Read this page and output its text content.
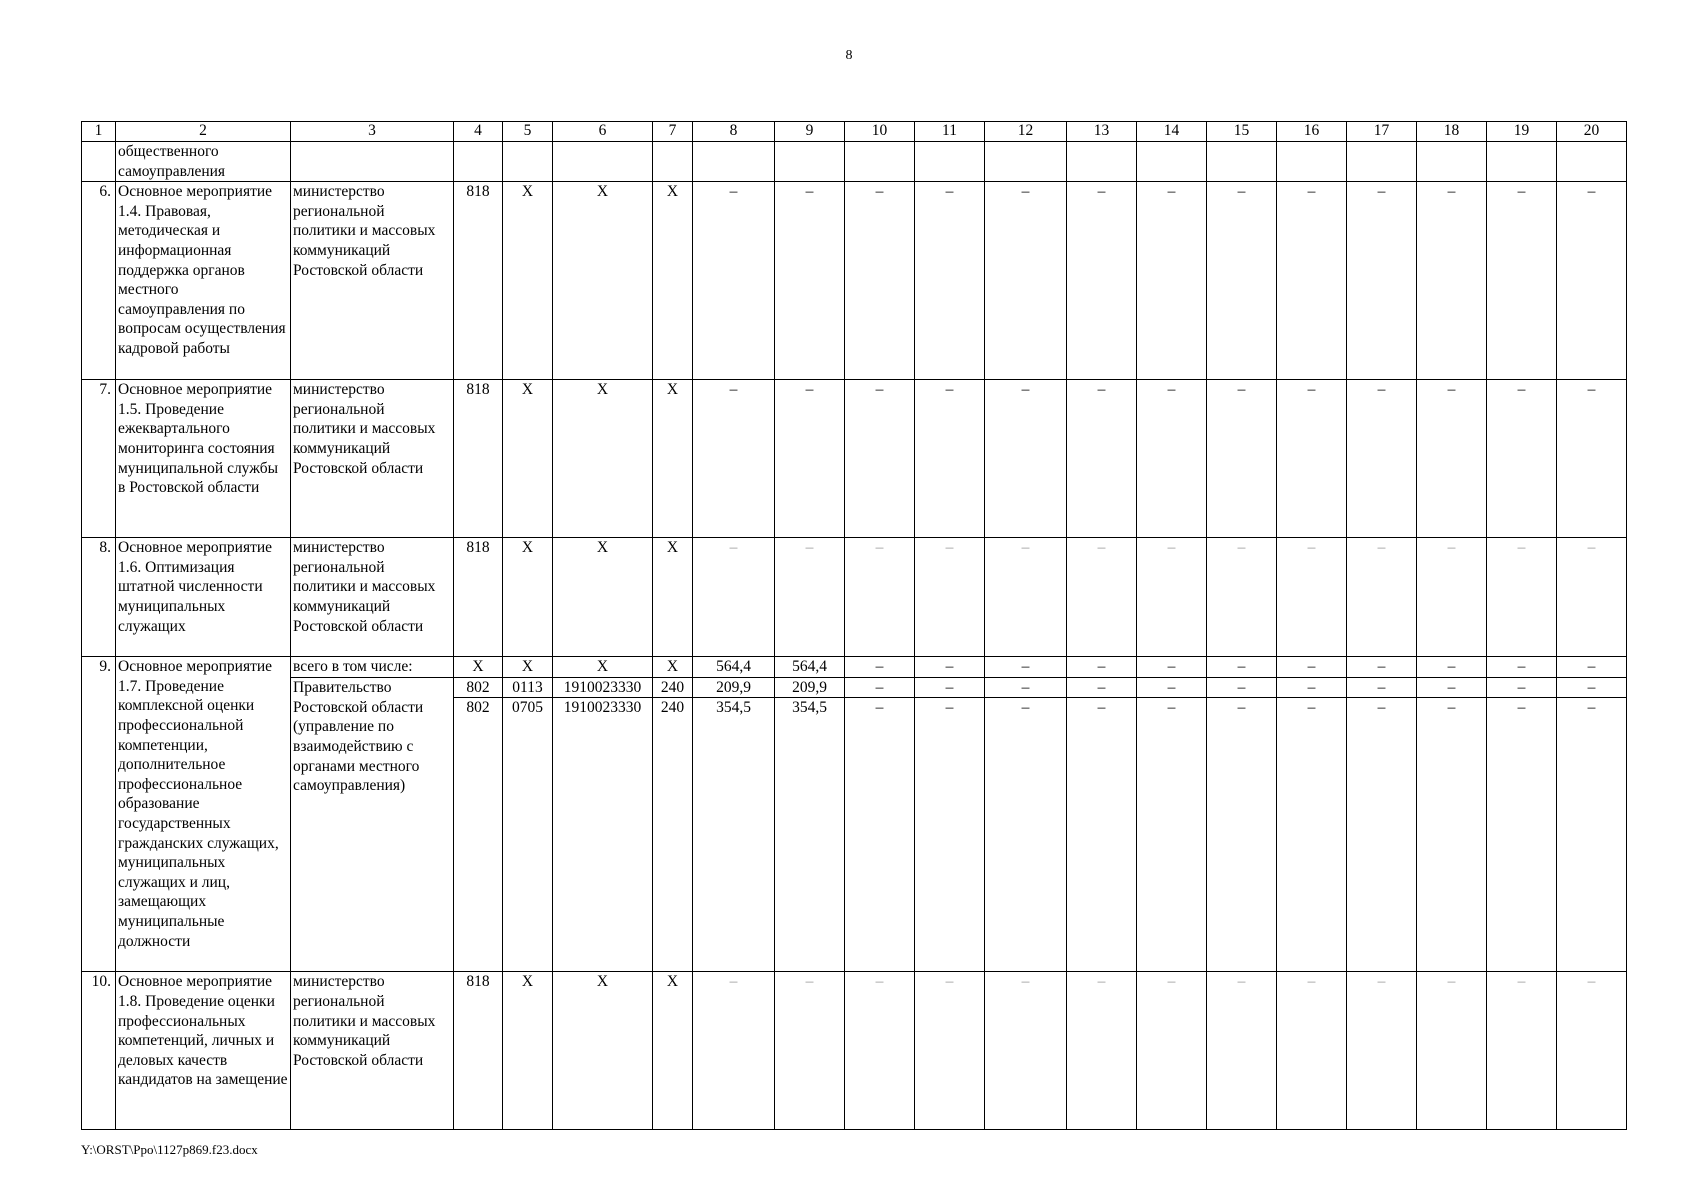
8
1	2	3	4	5	6	7	8	9	10	11	12	13	14	15	16	17	18	19	20
	общественного самоуправления																		
6.	Основное мероприятие 1.4. Правовая, методическая и информационная поддержка органов местного самоуправления по вопросам осуществления кадровой работы	министерство региональной политики и массовых коммуникаций Ростовской области	818	Х	Х	Х	–	–	–	–	–	–	–	–	–	–	–	–	–
7.	Основное мероприятие 1.5. Проведение ежеквартального мониторинга состояния муниципальной службы в Ростовской области	министерство региональной политики и массовых коммуникаций Ростовской области	818	Х	Х	Х	–	–	–	–	–	–	–	–	–	–	–	–	–
8.	Основное мероприятие 1.6. Оптимизация штатной численности муниципальных служащих	министерство региональной политики и массовых коммуникаций Ростовской области	818	Х	Х	Х	–	–	–	–	–	–	–	–	–	–	–	–	–
9.	Основное мероприятие 1.7. Проведение комплексной оценки профессиональной компетенции, дополнительное профессиональное образование государственных гражданских служащих, муниципальных служащих и лиц, замещающих муниципальные должности	всего в том числе:	Х	Х	Х	Х	564,4	564,4	–	–	–	–	–	–	–	–	–	–	–
		Правительство	802	0113	1910023330	240	209,9	209,9	–	–	–	–	–	–	–	–	–	–	–
		Ростовской области (управление по взаимодействию с органами местного самоуправления)	802	0705	1910023330	240	354,5	354,5	–	–	–	–	–	–	–	–	–	–	–
10.	Основное мероприятие 1.8. Проведение оценки профессиональных компетенций, личных и деловых качеств кандидатов на замещение	министерство региональной политики и массовых коммуникаций Ростовской области	818	Х	Х	Х	–	–	–	–	–	–	–	–	–	–	–	–	–
Y:\ORST\Ppo\1127p869.f23.docx
